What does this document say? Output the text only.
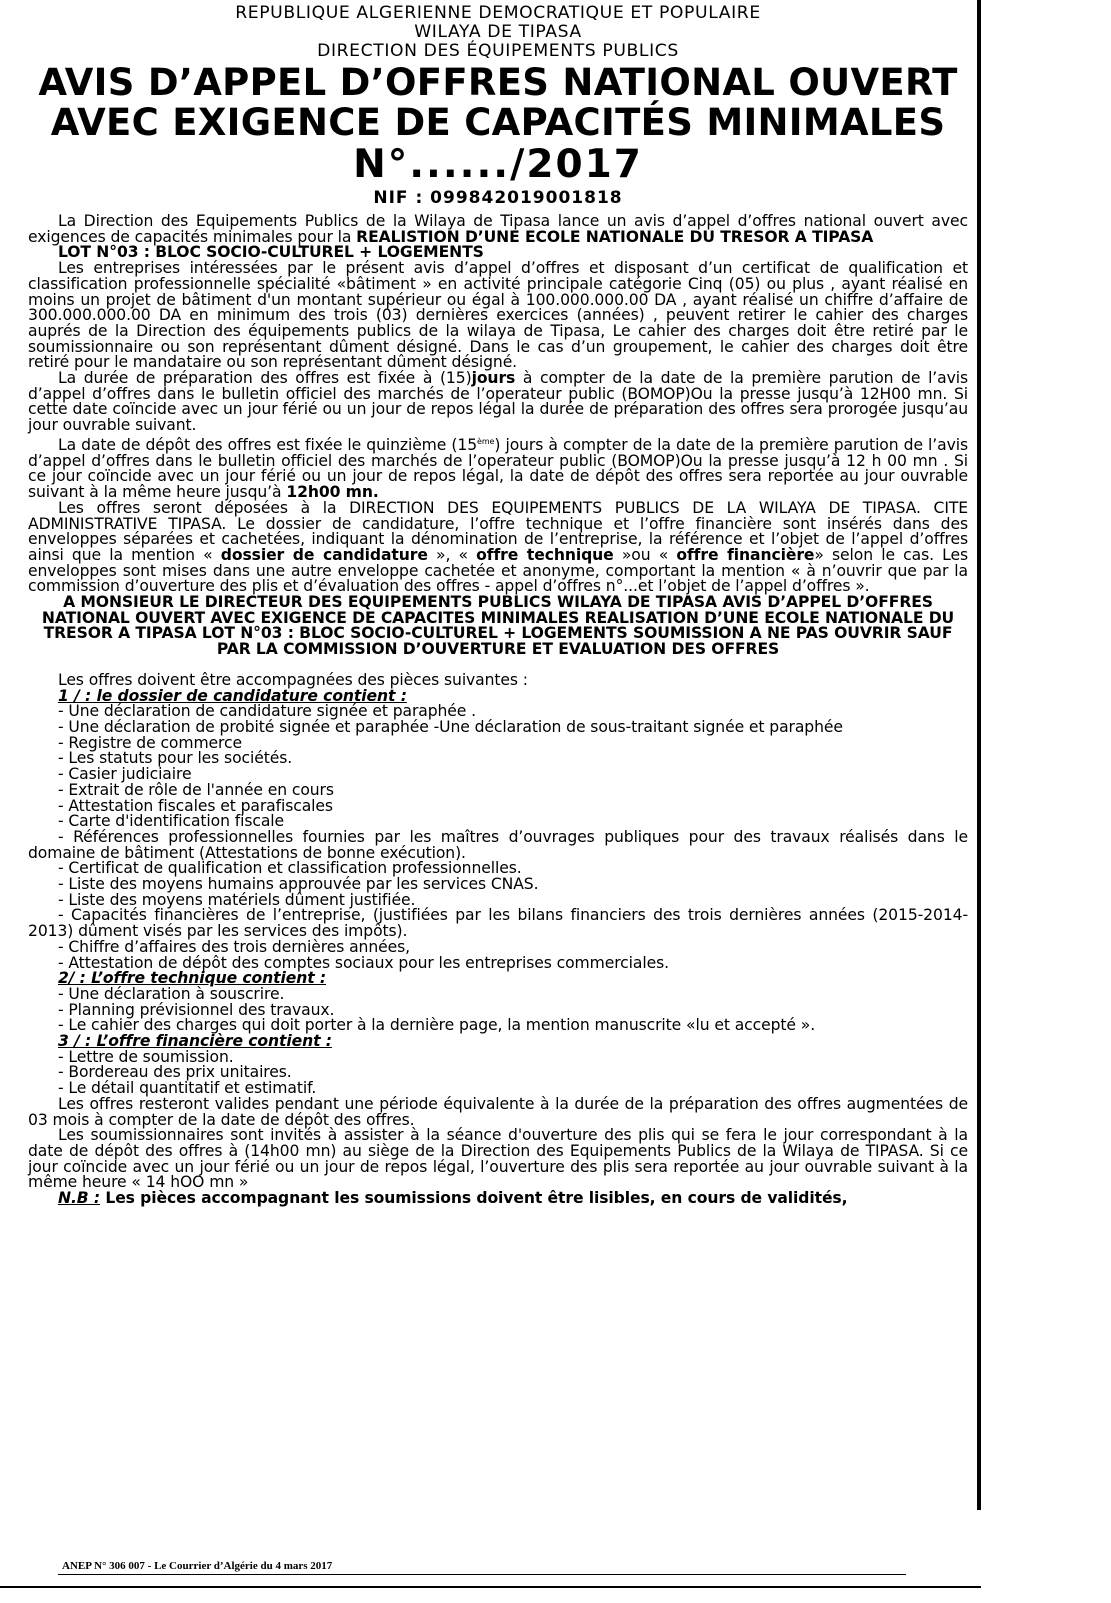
REPUBLIQUE ALGERIENNE DEMOCRATIQUE ET POPULAIRE
WILAYA DE TIPASA
DIRECTION DES ÉQUIPEMENTS PUBLICS
AVIS D’APPEL D’OFFRES NATIONAL OUVERT
AVEC EXIGENCE DE CAPACITÉS MINIMALES
N°....../2017
NIF : 099842019001818

La Direction des Equipements Publics de la Wilaya de Tipasa lance un avis d’appel d’offres national ouvert avec exigences de capacités minimales pour la REALISTION D’UNE ECOLE NATIONALE DU TRESOR A TIPASA

LOT N°03 : BLOC SOCIO-CULTUREL + LOGEMENTS

Les entreprises intéressées par le présent avis d’appel d’offres et disposant d’un certificat de qualification et classification professionnelle spécialité «bâtiment » en activité principale catégorie Cinq (05) ou plus , ayant réalisé en moins un projet de bâtiment d'un montant supérieur ou égal à 100.000.000.00 DA , ayant réalisé un chiffre d’affaire de 300.000.000.00 DA en minimum des trois (03) dernières exercices (années) , peuvent retirer le cahier des charges auprés de la Direction des équipements publics de la wilaya de Tipasa, Le cahier des charges doit être retiré par le soumissionnaire ou son représentant dûment désigné. Dans le cas d’un groupement, le cahier des charges doit être retiré pour le mandataire ou son représentant dûment désigné.

La durée de préparation des offres est fixée à (15)jours à compter de la date de la première parution de l’avis d’appel d’offres dans le bulletin officiel des marchés de l’operateur public (BOMOP)Ou la presse jusqu’à 12H00 mn. Si cette date coïncide avec un jour férié ou un jour de repos légal la durée de préparation des offres sera prorogée jusqu’au jour ouvrable suivant.

La date de dépôt des offres est fixée le quinzième (15ème) jours à compter de la date de la première parution de l’avis d’appel d’offres dans le bulletin officiel des marchés de l’operateur public (BOMOP)Ou la presse jusqu’à 12 h 00 mn . Si ce jour coïncide avec un jour férié ou un jour de repos légal, la date de dépôt des offres sera reportée au jour ouvrable suivant à la même heure jusqu’à 12h00 mn.

Les offres seront déposées à la DIRECTION DES EQUIPEMENTS PUBLICS DE LA WILAYA DE TIPASA. CITE ADMINISTRATIVE TIPASA. Le dossier de candidature, l’offre technique et l’offre financière sont insérés dans des enveloppes séparées et cachetées, indiquant la dénomination de l’entreprise, la référence et l’objet de l’appel d’offres ainsi que la mention « dossier de candidature », « offre technique »ou « offre financière» selon le cas. Les enveloppes sont mises dans une autre enveloppe cachetée et anonyme, comportant la mention « à n’ouvrir que par la commission d’ouverture des plis et d’évaluation des offres - appel d’offres n°...et l’objet de l’appel d’offres ».

A MONSIEUR LE DIRECTEUR DES EQUIPEMENTS PUBLICS WILAYA DE TIPASA AVIS D’APPEL D’OFFRES NATIONAL OUVERT AVEC EXIGENCE DE CAPACITES MINIMALES REALISATION D’UNE ECOLE NATIONALE DU TRESOR A TIPASA LOT N°03 : BLOC SOCIO-CULTUREL + LOGEMENTS SOUMISSION A NE PAS OUVRIR SAUF PAR LA COMMISSION D’OUVERTURE ET EVALUATION DES OFFRES

Les offres doivent être accompagnées des pièces suivantes :

1 / : le dossier de candidature contient :

- Une déclaration de candidature signée et paraphée .

- Une déclaration de probité signée et paraphée -Une déclaration de sous-traitant signée et paraphée

- Registre de commerce

- Les statuts pour les sociétés.

- Casier judiciaire

- Extrait de rôle de l'année en cours

- Attestation fiscales et parafiscales

- Carte d'identification fiscale

- Références professionnelles fournies par les maîtres d’ouvrages publiques pour des travaux réalisés dans le domaine de bâtiment (Attestations de bonne exécution).

- Certificat de qualification et classification professionnelles.

- Liste des moyens humains approuvée par les services CNAS.

- Liste des moyens matériels dûment justifiée.

- Capacités financières de l’entreprise, (justifiées par les bilans financiers des trois dernières années (2015-2014-2013) dûment visés par les services des impôts).

- Chiffre d’affaires des trois dernières années,

- Attestation de dépôt des comptes sociaux pour les entreprises commerciales.

2/ : L’offre technique contient :

- Une déclaration à souscrire.

- Planning prévisionnel des travaux.

- Le cahier des charges qui doit porter à la dernière page, la mention manuscrite «lu et accepté ».

3 / : L’offre financière contient :

- Lettre de soumission.

- Bordereau des prix unitaires.

- Le détail quantitatif et estimatif.

Les offres resteront valides pendant une période équivalente à la durée de la préparation des offres augmentées de 03 mois à compter de la date de dépôt des offres.

Les soumissionnaires sont invités à assister à la séance d'ouverture des plis qui se fera le jour correspondant à la date de dépôt des offres à (14h00 mn) au siège de la Direction des Equipements Publics de la Wilaya de TIPASA. Si ce jour coïncide avec un jour férié ou un jour de repos légal, l’ouverture des plis sera reportée au jour ouvrable suivant à la même heure « 14 hOO mn »

N.B : Les pièces accompagnant les soumissions doivent être lisibles, en cours de validités,

ANEP N° 306 007 - Le Courrier d’Algérie du 4 mars 2017
